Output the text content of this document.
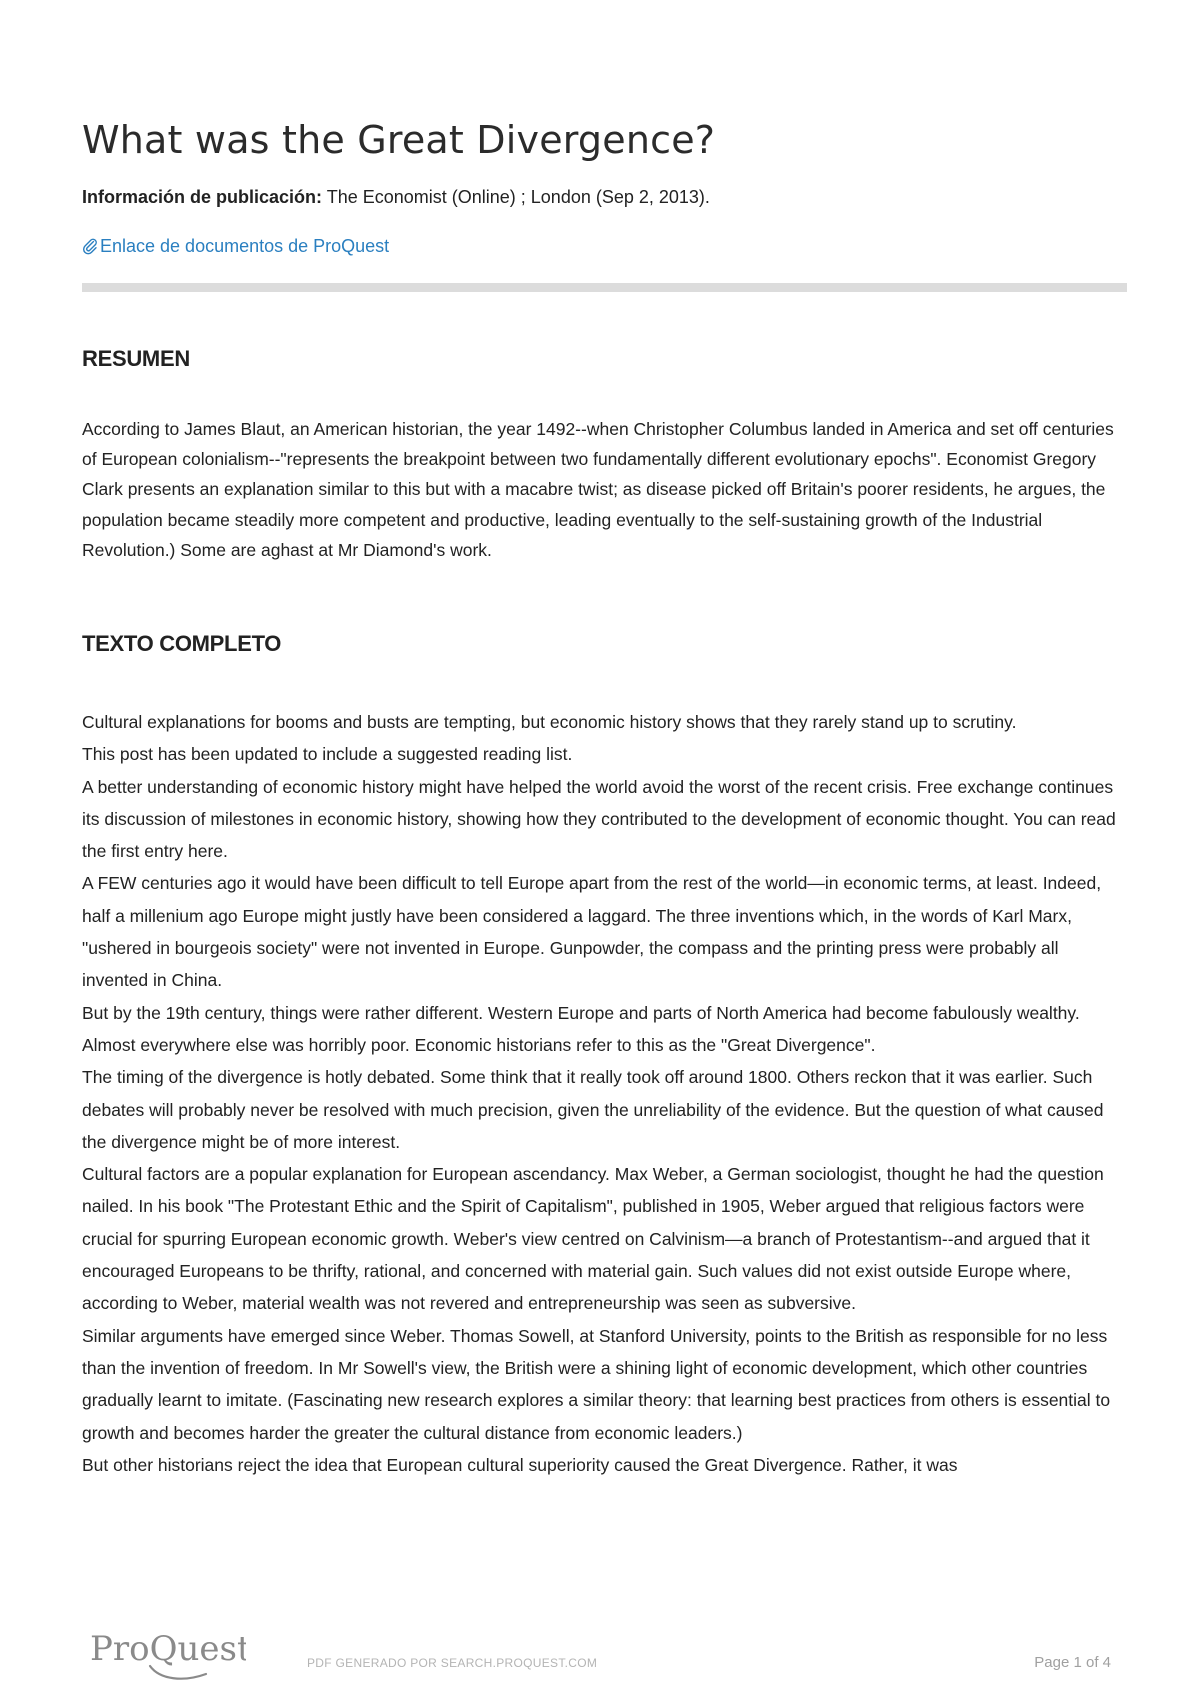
What was the Great Divergence?
Información de publicación: The Economist (Online) ; London (Sep 2, 2013).
Enlace de documentos de ProQuest
RESUMEN

According to James Blaut, an American historian, the year 1492--when Christopher Columbus landed in America and set off centuries of European colonialism--"represents the breakpoint between two fundamentally different evolutionary epochs". Economist Gregory Clark presents an explanation similar to this but with a macabre twist; as disease picked off Britain's poorer residents, he argues, the population became steadily more competent and productive, leading eventually to the self-sustaining growth of the Industrial Revolution.) Some are aghast at Mr Diamond's work.

TEXTO COMPLETO

Cultural explanations for booms and busts are tempting, but economic history shows that they rarely stand up to scrutiny.

This post has been updated to include a suggested reading list.

A better understanding of economic history might have helped the world avoid the worst of the recent crisis. Free exchange continues its discussion of milestones in economic history, showing how they contributed to the development of economic thought. You can read the first entry here.

A FEW centuries ago it would have been difficult to tell Europe apart from the rest of the world—in economic terms, at least. Indeed, half a millenium ago Europe might justly have been considered a laggard. The three inventions which, in the words of Karl Marx, "ushered in bourgeois society" were not invented in Europe. Gunpowder, the compass and the printing press were probably all invented in China.

But by the 19th century, things were rather different. Western Europe and parts of North America had become fabulously wealthy. Almost everywhere else was horribly poor. Economic historians refer to this as the "Great Divergence".

The timing of the divergence is hotly debated. Some think that it really took off around 1800. Others reckon that it was earlier. Such debates will probably never be resolved with much precision, given the unreliability of the evidence. But the question of what caused the divergence might be of more interest.

Cultural factors are a popular explanation for European ascendancy. Max Weber, a German sociologist, thought he had the question nailed. In his book "The Protestant Ethic and the Spirit of Capitalism", published in 1905, Weber argued that religious factors were crucial for spurring European economic growth. Weber's view centred on Calvinism—a branch of Protestantism--and argued that it encouraged Europeans to be thrifty, rational, and concerned with material gain. Such values did not exist outside Europe where, according to Weber, material wealth was not revered and entrepreneurship was seen as subversive.

Similar arguments have emerged since Weber. Thomas Sowell, at Stanford University, points to the British as responsible for no less than the invention of freedom. In Mr Sowell's view, the British were a shining light of economic development, which other countries gradually learnt to imitate. (Fascinating new research explores a similar theory: that learning best practices from others is essential to growth and becomes harder the greater the cultural distance from economic leaders.)

But other historians reject the idea that European cultural superiority caused the Great Divergence. Rather, it was

ProQuest	PDF GENERADO POR SEARCH.PROQUEST.COM	Page 1 of 4
